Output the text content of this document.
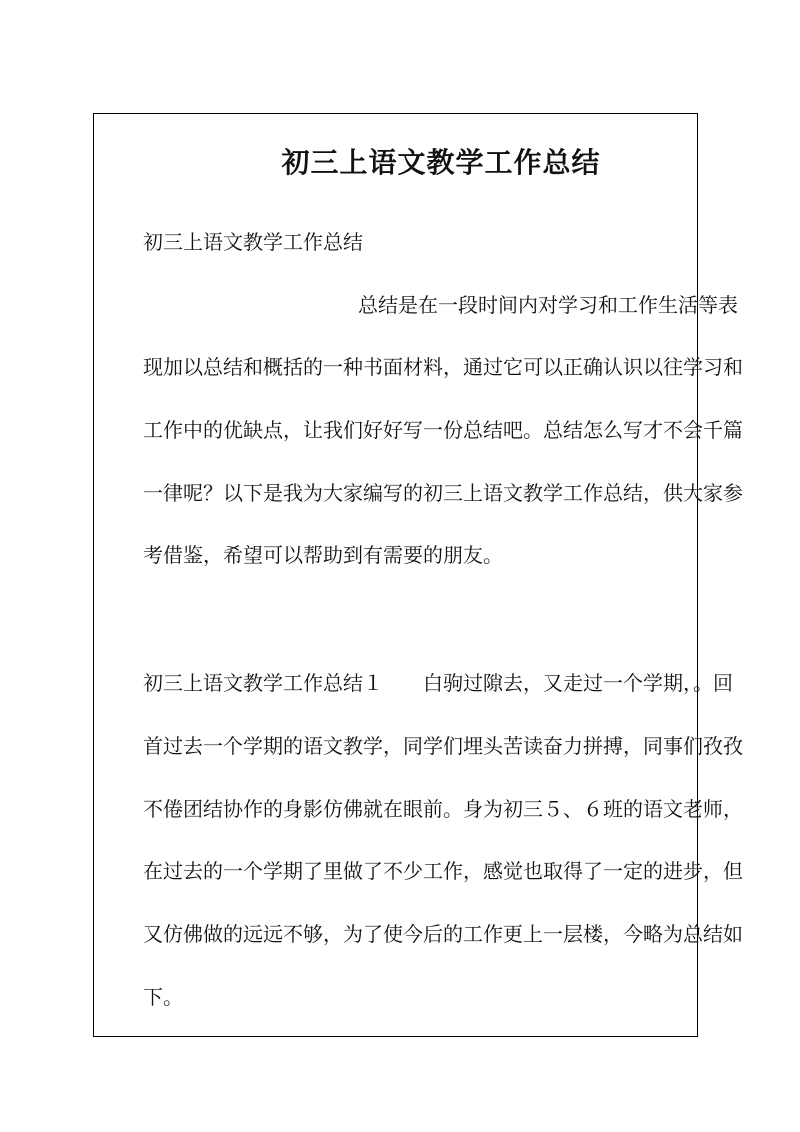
初三上语文教学工作总结

初三上语文教学工作总结

总结是在一段时间内对学习和工作生活等表

现加以总结和概括的一种书面材料，通过它可以正确认识以往学习和

工作中的优缺点，让我们好好写一份总结吧。总结怎么写才不会千篇

一律呢？以下是我为大家编写的初三上语文教学工作总结，供大家参

考借鉴，希望可以帮助到有需要的朋友。

初三上语文教学工作总结１　　白驹过隙去，又走过一个学期，。回

首过去一个学期的语文教学，同学们埋头苦读奋力拼搏，同事们孜孜

不倦团结协作的身影仿佛就在眼前。身为初三５、６班的语文老师，

在过去的一个学期了里做了不少工作，感觉也取得了一定的进步，但

又仿佛做的远远不够，为了使今后的工作更上一层楼，今略为总结如

下。
